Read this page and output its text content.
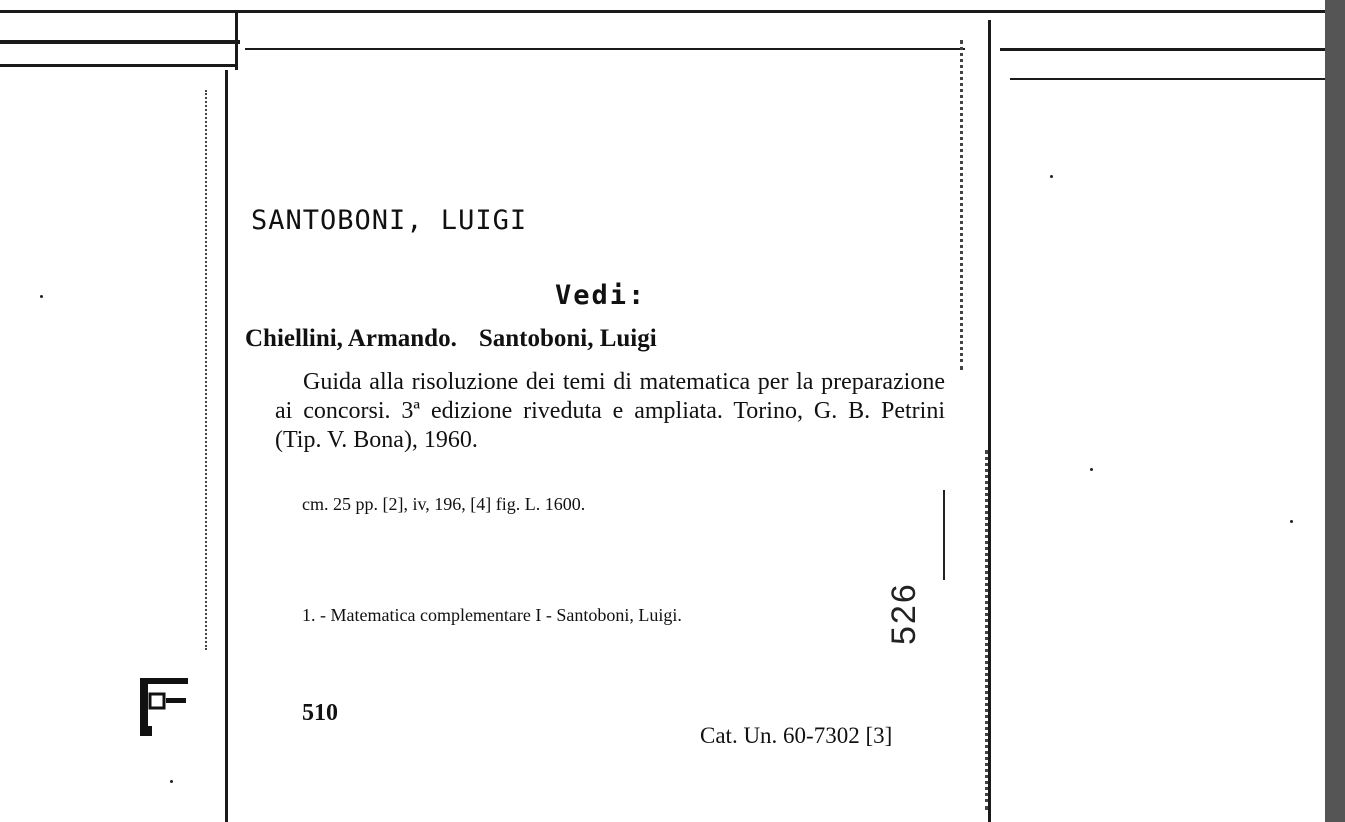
SANTOBONI, LUIGI
Vedi:
Chiellini, Armando. Santoboni, Luigi
Guida alla risoluzione dei temi di matematica per la preparazione ai concorsi. 3ª edizione riveduta e ampliata. Torino, G. B. Petrini (Tip. V. Bona), 1960.
cm. 25 pp. [2], iv, 196, [4] fig. L. 1600.
1. - Matematica complementare I - Santoboni, Luigi.
510
Cat. Un. 60-7302 [3]
526
